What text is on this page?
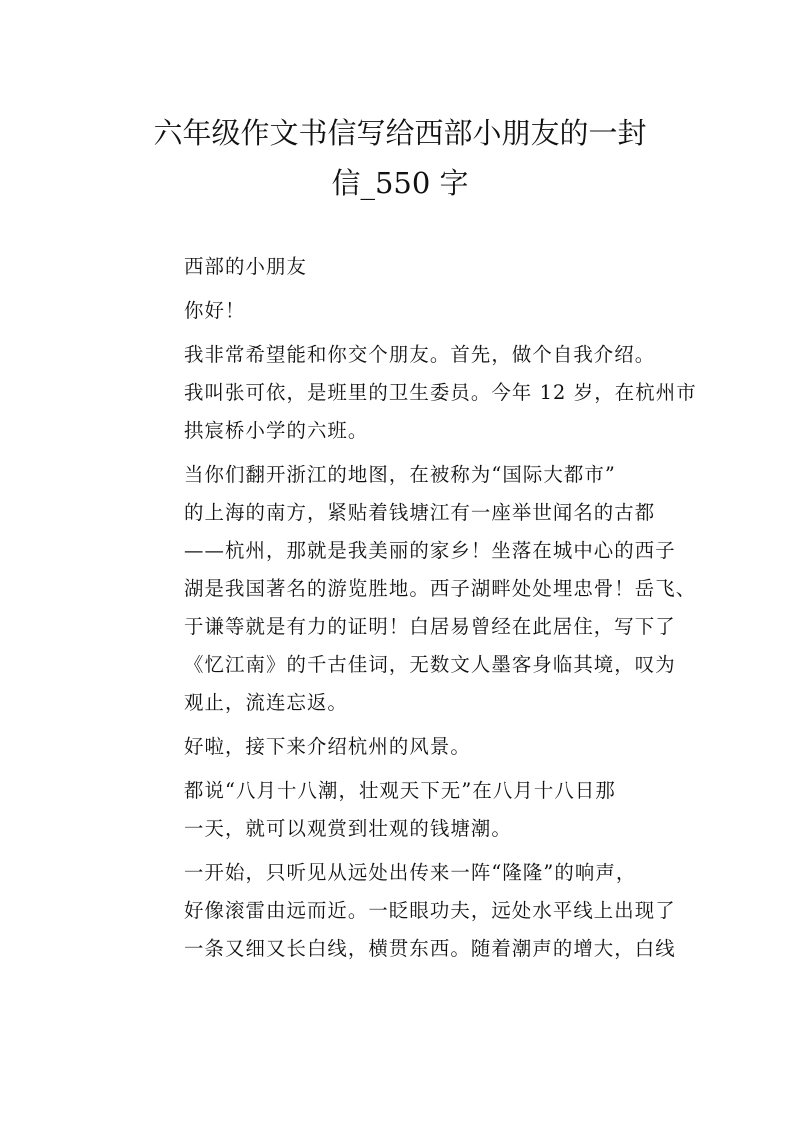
六年级作文书信写给西部小朋友的一封
信_550 字

西部的小朋友

你好！

我非常希望能和你交个朋友。首先，做个自我介绍。
我叫张可依，是班里的卫生委员。今年 12 岁，在杭州市
拱宸桥小学的六班。

当你们翻开浙江的地图，在被称为“国际大都市”
的上海的南方，紧贴着钱塘江有一座举世闻名的古都
——杭州，那就是我美丽的家乡！坐落在城中心的西子
湖是我国著名的游览胜地。西子湖畔处处埋忠骨！岳飞、
于谦等就是有力的证明！白居易曾经在此居住，写下了
《忆江南》的千古佳词，无数文人墨客身临其境，叹为
观止，流连忘返。

好啦，接下来介绍杭州的风景。

都说“八月十八潮，壮观天下无”在八月十八日那
一天，就可以观赏到壮观的钱塘潮。

一开始，只听见从远处出传来一阵“隆隆”的响声，
好像滚雷由远而近。一眨眼功夫，远处水平线上出现了
一条又细又长白线，横贯东西。随着潮声的增大，白线
